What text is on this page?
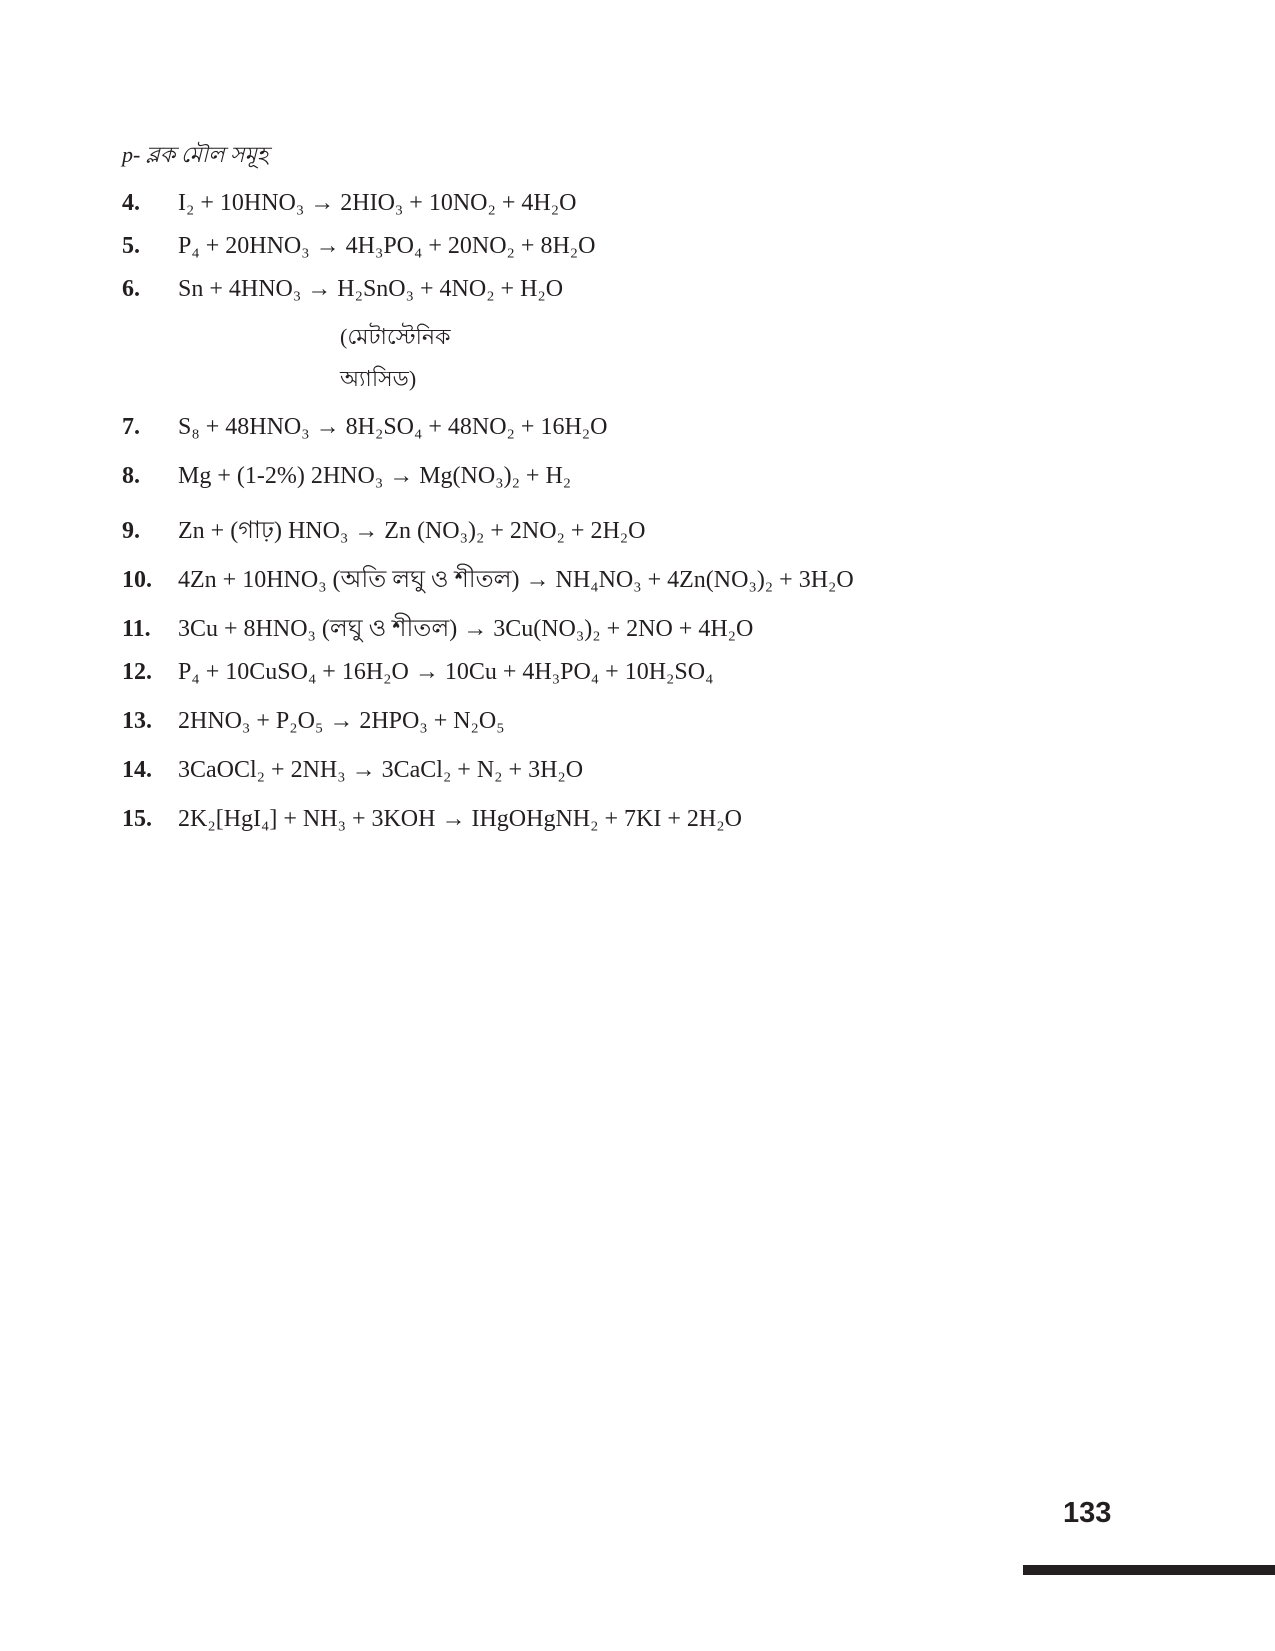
p- ব্লক মৌল সমূহ
4. I₂ + 10HNO₃ → 2HIO₃ + 10NO₂ + 4H₂O
5. P₄ + 20HNO₃ → 4H₃PO₄ + 20NO₂ + 8H₂O
6. Sn + 4HNO₃ → H₂SnO₃ + 4NO₂ + H₂O
(মেটাস্টেনিক
অ্যাসিড)
7. S₈ + 48HNO₃ → 8H₂SO₄ + 48NO₂ + 16H₂O
8. Mg + (1-2%) 2HNO₃ → Mg(NO₃)₂ + H₂
9. Zn + (গাঢ়) HNO₃ → Zn (NO₃)₂ + 2NO₂ + 2H₂O
10. 4Zn + 10HNO₃ (অতি লঘু ও শীতল) → NH₄NO₃ + 4Zn(NO₃)₂ + 3H₂O
11. 3Cu + 8HNO₃ (লঘু ও শীতল) → 3Cu(NO₃)₂ + 2NO + 4H₂O
12. P₄ + 10CuSO₄ + 16H₂O → 10Cu + 4H₃PO₄ + 10H₂SO₄
13. 2HNO₃ + P₂O₅ → 2HPO₃ + N₂O₅
14. 3CaOCl₂ + 2NH₃ → 3CaCl₂ + N₂ + 3H₂O
15. 2K₂[HgI₄] + NH₃ + 3KOH → IHgOHgNH₂ + 7KI + 2H₂O
133
